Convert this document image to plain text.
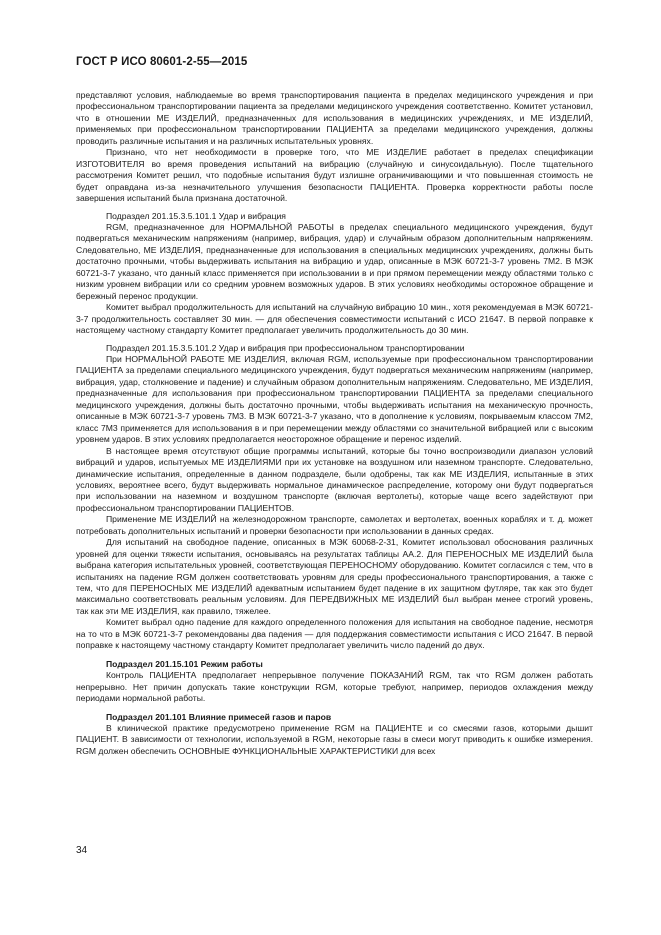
ГОСТ Р ИСО 80601-2-55—2015

представляют условия, наблюдаемые во время транспортирования пациента в пределах медицинского учреждения и при профессиональном транспортировании пациента за пределами медицинского учреждения соответственно. Комитет установил, что в отношении МЕ ИЗДЕЛИЙ, предназначенных для использования в медицинских учреждениях, и МЕ ИЗДЕЛИЙ, применяемых при профессиональном транспортировании ПАЦИЕНТА за пределами медицинского учреждения, должны проводить различные испытания и на различных испытательных уровнях.

Признано, что нет необходимости в проверке того, что МЕ ИЗДЕЛИЕ работает в пределах спецификации ИЗГОТОВИТЕЛЯ во время проведения испытаний на вибрацию (случайную и синусоидальную). После тщательного рассмотрения Комитет решил, что подобные испытания будут излишне ограничивающими и что повышенная стоимость не будет оправдана из-за незначительного улучшения безопасности ПАЦИЕНТА. Проверка корректности работы после завершения испытаний была признана достаточной.

Подраздел 201.15.3.5.101.1 Удар и вибрация

RGM, предназначенное для НОРМАЛЬНОЙ РАБОТЫ в пределах специального медицинского учреждения, будут подвергаться механическим напряжениям (например, вибрация, удар) и случайным образом дополнительным напряжениям. Следовательно, МЕ ИЗДЕЛИЯ, предназначенные для использования в специальных медицинских учреждениях, должны быть достаточно прочными, чтобы выдерживать испытания на вибрацию и удар, описанные в МЭК 60721-3-7 уровень 7М2. В МЭК 60721-3-7 указано, что данный класс применяется при использовании в и при прямом перемещении между областями только с низким уровнем вибрации или со средним уровнем возможных ударов. В этих условиях необходимы осторожное обращение и бережный перенос продукции.

Комитет выбрал продолжительность для испытаний на случайную вибрацию 10 мин., хотя рекомендуемая в МЭК 60721-3-7 продолжительность составляет 30 мин. — для обеспечения совместимости испытаний с ИСО 21647. В первой поправке к настоящему частному стандарту Комитет предполагает увеличить продолжительность до 30 мин.

Подраздел 201.15.3.5.101.2 Удар и вибрация при профессиональном транспортировании

При НОРМАЛЬНОЙ РАБОТЕ МЕ ИЗДЕЛИЯ, включая RGM, используемые при профессиональном транспортировании ПАЦИЕНТА за пределами специального медицинского учреждения, будут подвергаться механическим напряжениям (например, вибрация, удар, столкновение и падение) и случайным образом дополнительным напряжениям. Следовательно, МЕ ИЗДЕЛИЯ, предназначенные для использования при профессиональном транспортировании ПАЦИЕНТА за пределами специального медицинского учреждения, должны быть достаточно прочными, чтобы выдерживать испытания на механическую прочность, описанные в МЭК 60721-3-7 уровень 7М3. В МЭК 60721-3-7 указано, что в дополнение к условиям, покрываемым классом 7М2, класс 7М3 применяется для использования в и при перемещении между областями со значительной вибрацией или с высоким уровнем ударов. В этих условиях предполагается неосторожное обращение и перенос изделий.

В настоящее время отсутствуют общие программы испытаний, которые бы точно воспроизводили диапазон условий вибраций и ударов, испытуемых МЕ ИЗДЕЛИЯМИ при их установке на воздушном или наземном транспорте. Следовательно, динамические испытания, определенные в данном подразделе, были одобрены, так как МЕ ИЗДЕЛИЯ, испытанные в этих условиях, вероятнее всего, будут выдерживать нормальное динамическое распределение, которому они будут подвергаться при использовании на наземном и воздушном транспорте (включая вертолеты), которые чаще всего задействуют при профессиональном транспортировании ПАЦИЕНТОВ.

Применение МЕ ИЗДЕЛИЙ на железнодорожном транспорте, самолетах и вертолетах, военных кораблях и т. д. может потребовать дополнительных испытаний и проверки безопасности при использовании в данных средах.

Для испытаний на свободное падение, описанных в МЭК 60068-2-31, Комитет использовал обоснования различных уровней для оценки тяжести испытания, основываясь на результатах таблицы АА.2. Для ПЕРЕНОСНЫХ МЕ ИЗДЕЛИЙ была выбрана категория испытательных уровней, соответствующая ПЕРЕНОСНОМУ оборудованию. Комитет согласился с тем, что в испытаниях на падение RGM должен соответствовать уровням для среды профессионального транспортирования, а также с тем, что для ПЕРЕНОСНЫХ МЕ ИЗДЕЛИЙ адекватным испытанием будет падение в их защитном футляре, так как это будет максимально соответствовать реальным условиям. Для ПЕРЕДВИЖНЫХ МЕ ИЗДЕЛИЙ был выбран менее строгий уровень, так как эти МЕ ИЗДЕЛИЯ, как правило, тяжелее.

Комитет выбрал одно падение для каждого определенного положения для испытания на свободное падение, несмотря на то что в МЭК 60721-3-7 рекомендованы два падения — для поддержания совместимости испытания с ИСО 21647. В первой поправке к настоящему частному стандарту Комитет предполагает увеличить число падений до двух.

Подраздел 201.15.101 Режим работы

Контроль ПАЦИЕНТА предполагает непрерывное получение ПОКАЗАНИЙ RGM, так что RGM должен работать непрерывно. Нет причин допускать такие конструкции RGM, которые требуют, например, периодов охлаждения между периодами нормальной работы.

Подраздел 201.101 Влияние примесей газов и паров

В клинической практике предусмотрено применение RGM на ПАЦИЕНТЕ и со смесями газов, которыми дышит ПАЦИЕНТ. В зависимости от технологии, используемой в RGM, некоторые газы в смеси могут приводить к ошибке измерения. RGM должен обеспечить ОСНОВНЫЕ ФУНКЦИОНАЛЬНЫЕ ХАРАКТЕРИСТИКИ для всех

34
